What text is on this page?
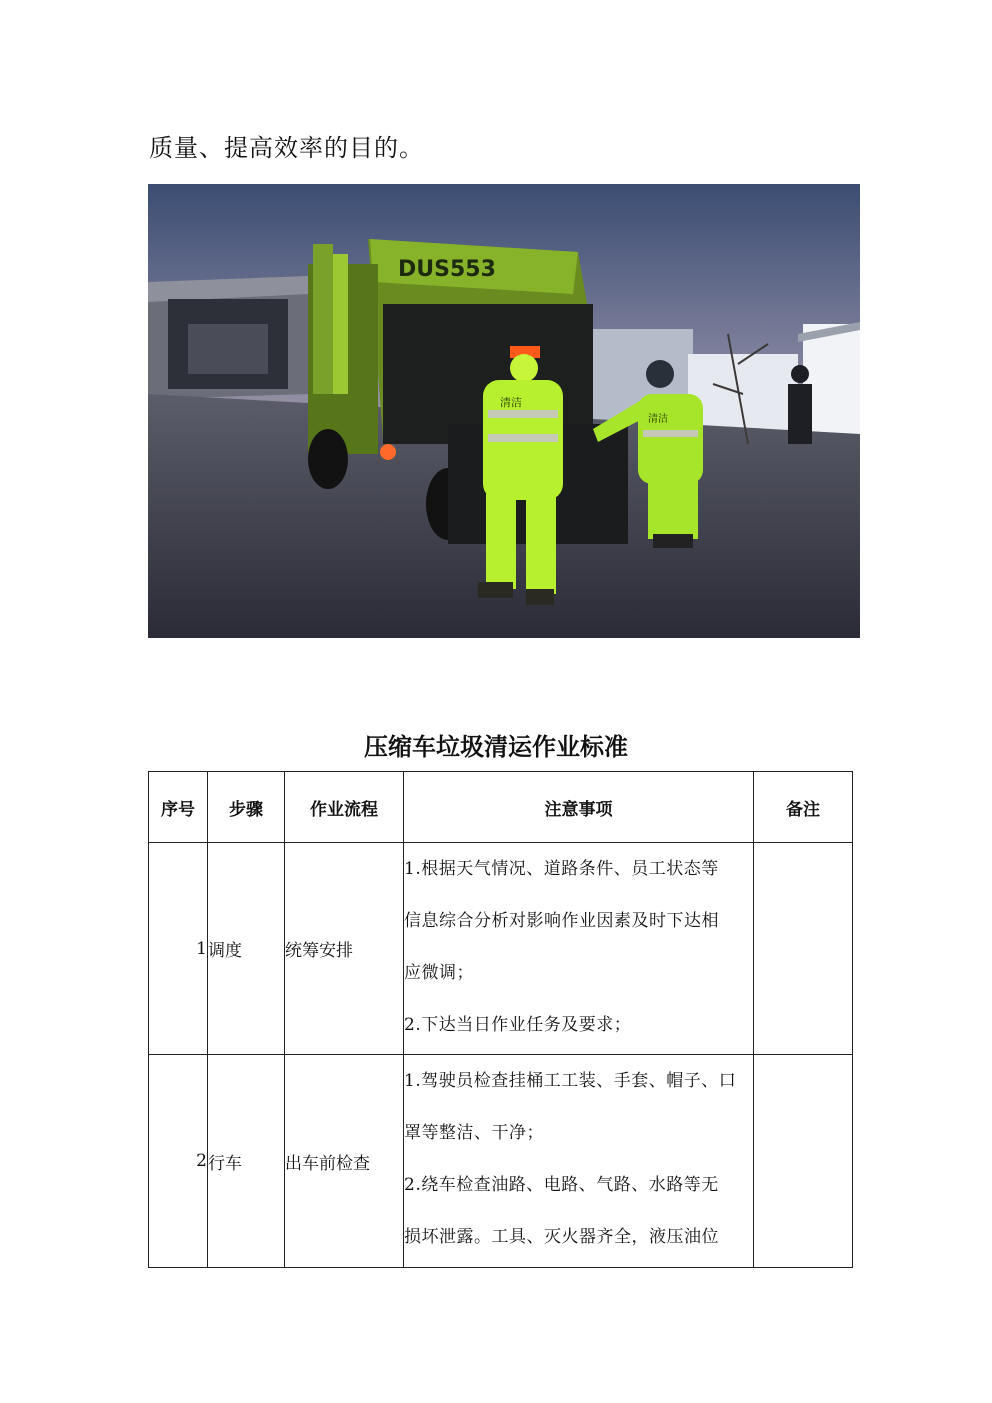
质量、提高效率的目的。
DUS553
清洁
清洁
压缩车垃圾清运作业标准
序号	步骤	作业流程	注意事项	备注
1	调度	统筹安排	1.根据天气情况、道路条件、员工状态等
信息综合分析对影响作业因素及时下达相
应微调；
2.下达当日作业任务及要求；	

2	行车	出车前检查	1.驾驶员检查挂桶工工装、手套、帽子、口
罩等整洁、干净；
2.绕车检查油路、电路、气路、水路等无
损坏泄露。工具、灭火器齐全，液压油位	
